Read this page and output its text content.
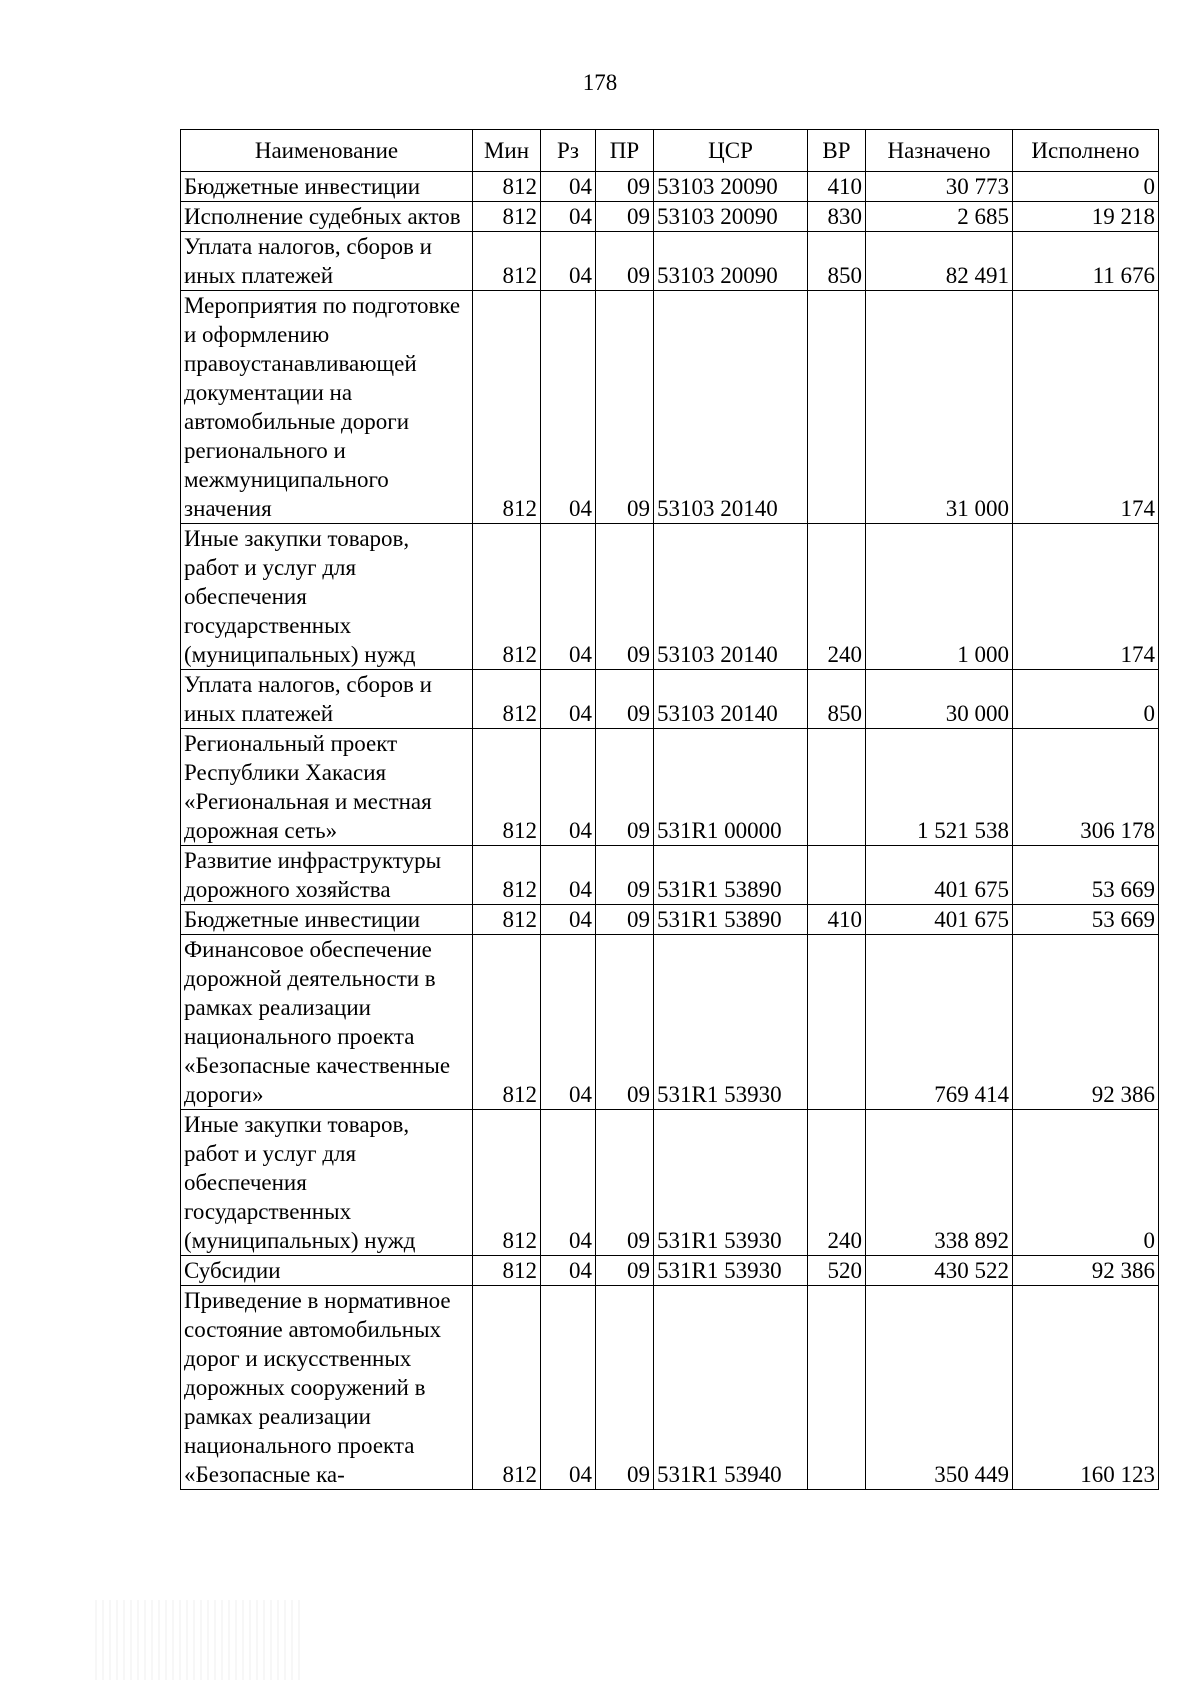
178
Наименование	Мин	Рз	ПР	ЦСР	ВР	Назначено	Исполнено
Бюджетные инвестиции	812	04	09	53103 20090	410	30 773	0
Исполнение судебных актов	812	04	09	53103 20090	830	2 685	19 218
Уплата налогов, сборов и иных платежей	812	04	09	53103 20090	850	82 491	11 676
Мероприятия по подготовке и оформлению правоустанавливающей документации на автомобильные дороги регионального и межмуниципального значения	812	04	09	53103 20140		31 000	174
Иные закупки товаров, работ и услуг для обеспечения государственных (муниципальных) нужд	812	04	09	53103 20140	240	1 000	174
Уплата налогов, сборов и иных платежей	812	04	09	53103 20140	850	30 000	0
Региональный проект Республики Хакасия «Региональная и местная дорожная сеть»	812	04	09	531R1 00000		1 521 538	306 178
Развитие инфраструктуры дорожного хозяйства	812	04	09	531R1 53890		401 675	53 669
Бюджетные инвестиции	812	04	09	531R1 53890	410	401 675	53 669
Финансовое обеспечение дорожной деятельности в рамках реализации национального проекта «Безопасные качественные дороги»	812	04	09	531R1 53930		769 414	92 386
Иные закупки товаров, работ и услуг для обеспечения государственных (муниципальных) нужд	812	04	09	531R1 53930	240	338 892	0
Субсидии	812	04	09	531R1 53930	520	430 522	92 386
Приведение в нормативное состояние автомобильных дорог и искусственных дорожных сооружений в рамках реализации национального проекта «Безопасные ка-	812	04	09	531R1 53940		350 449	160 123
